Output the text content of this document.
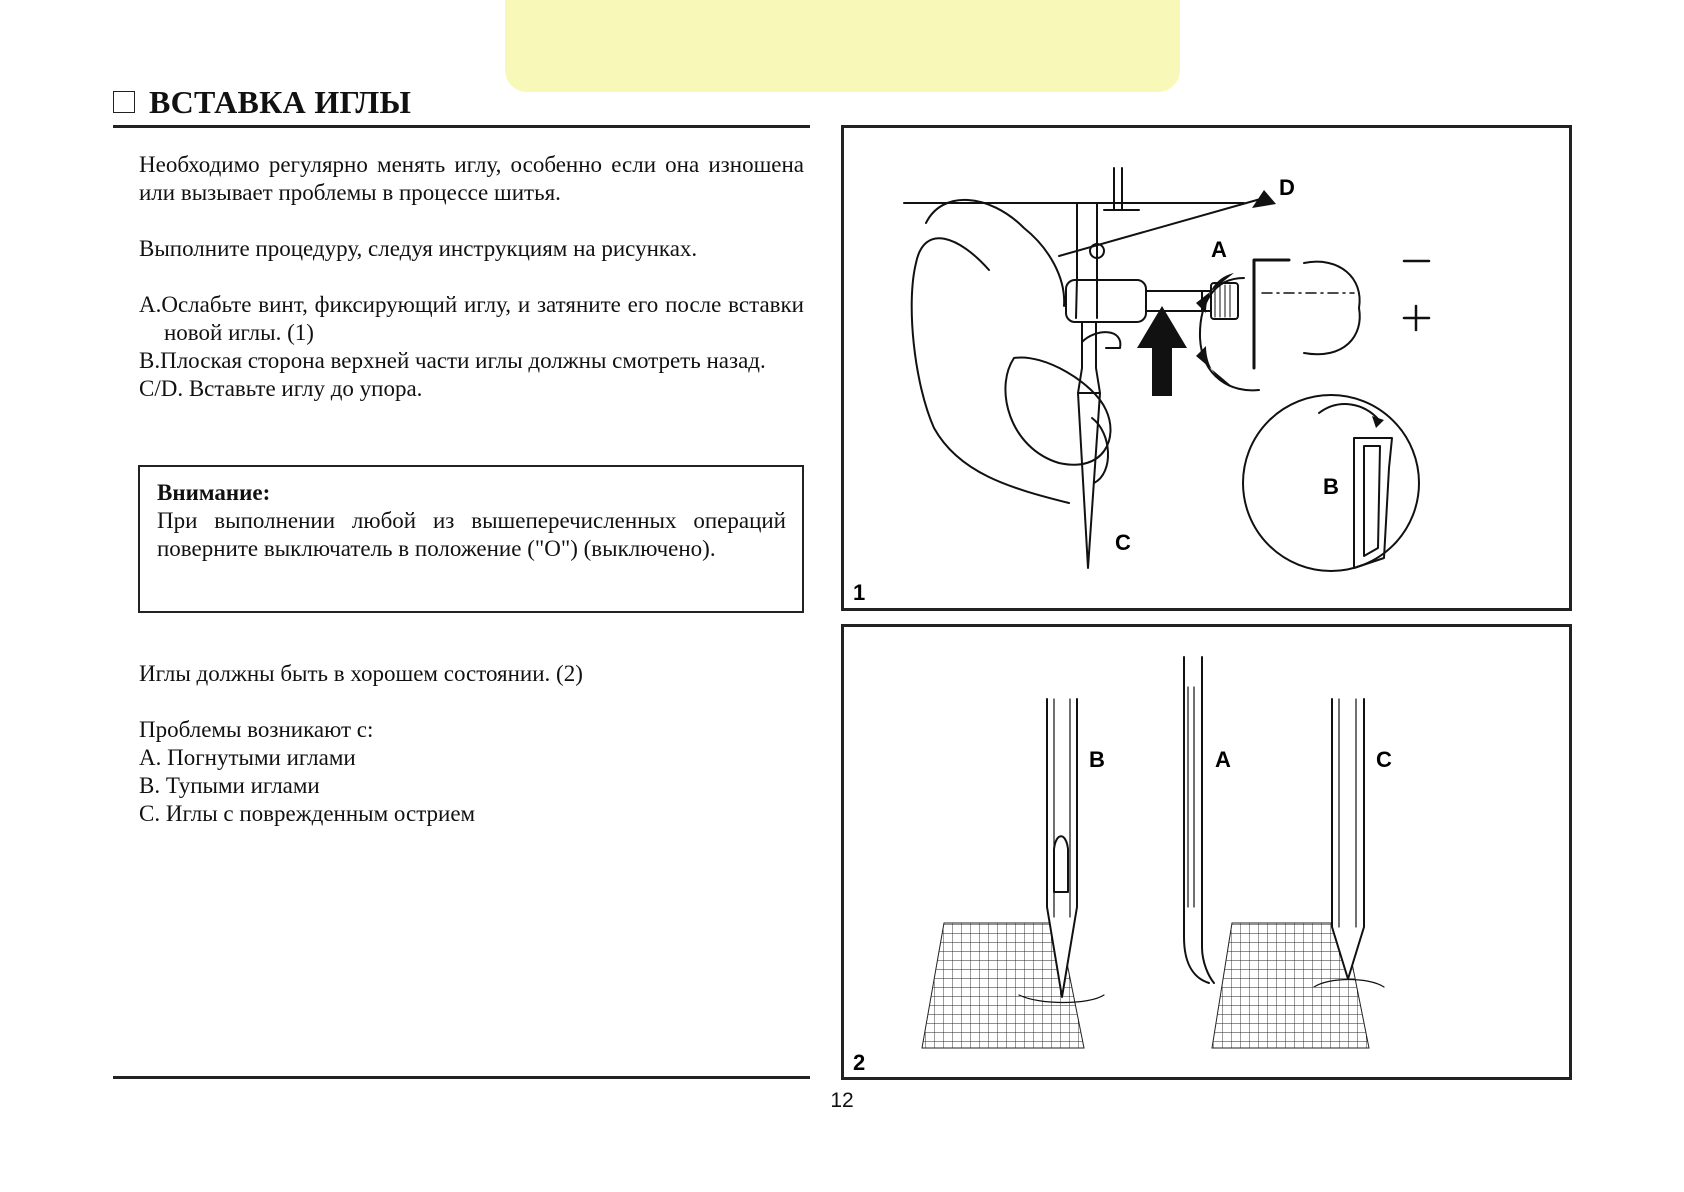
ВСТАВКА ИГЛЫ
Необходимо регулярно менять иглу, особенно если она изношена или вызывает проблемы в процессе шитья.
Выполните процедуру, следуя инструкциям на рисунках.
A.Ослабьте винт, фиксирующий иглу, и затяните его после вставки новой иглы. (1)
B.Плоская сторона верхней части иглы должны смотреть назад.
C/D. Вставьте иглу до упора.
Внимание:
При выполнении любой из вышеперечисленных операций поверните выключатель в положение ("O") (выключено).
Иглы должны быть в хорошем состоянии. (2)
Проблемы возникают с:
A. Погнутыми иглами
B. Тупыми иглами
C. Иглы с поврежденным острием
D
A
B
C
1
B	A	C
2
12
